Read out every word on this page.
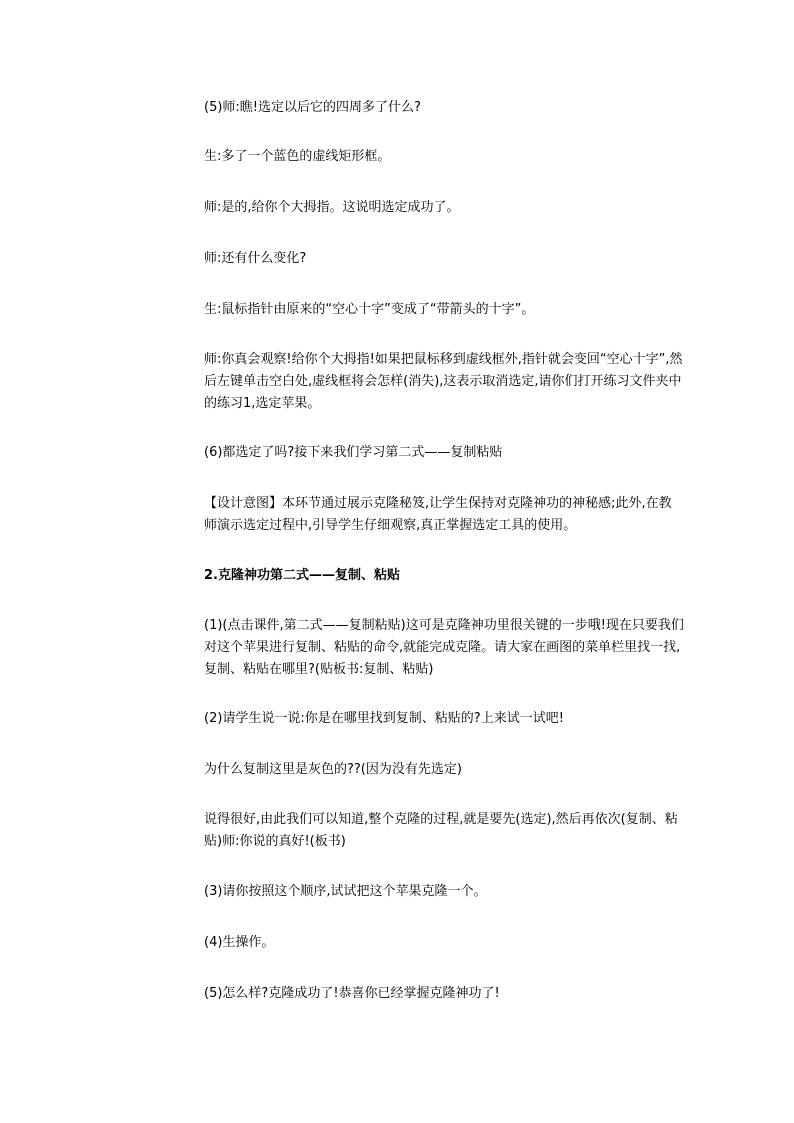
(5)师:瞧!选定以后它的四周多了什么?

生:多了一个蓝色的虚线矩形框。

师:是的,给你个大拇指。这说明选定成功了。

师:还有什么变化?

生:鼠标指针由原来的“空心十字”变成了“带箭头的十字”。

师:你真会观察!给你个大拇指!如果把鼠标移到虚线框外,指针就会变回“空心十字”,然后左键单击空白处,虚线框将会怎样(消失),这表示取消选定,请你们打开练习文件夹中的练习1,选定苹果。

(6)都选定了吗?接下来我们学习第二式——复制粘贴

【设计意图】本环节通过展示克隆秘笈,让学生保持对克隆神功的神秘感;此外,在教师演示选定过程中,引导学生仔细观察,真正掌握选定工具的使用。

2.克隆神功第二式——复制、粘贴

(1)(点击课件,第二式——复制粘贴)这可是克隆神功里很关键的一步哦!现在只要我们对这个苹果进行复制、粘贴的命令,就能完成克隆。请大家在画图的菜单栏里找一找,复制、粘贴在哪里?(贴板书:复制、粘贴)

(2)请学生说一说:你是在哪里找到复制、粘贴的?上来试一试吧!

为什么复制这里是灰色的??(因为没有先选定)

说得很好,由此我们可以知道,整个克隆的过程,就是要先(选定),然后再依次(复制、粘贴)师:你说的真好!(板书)

(3)请你按照这个顺序,试试把这个苹果克隆一个。

(4)生操作。

(5)怎么样?克隆成功了!恭喜你已经掌握克隆神功了!
